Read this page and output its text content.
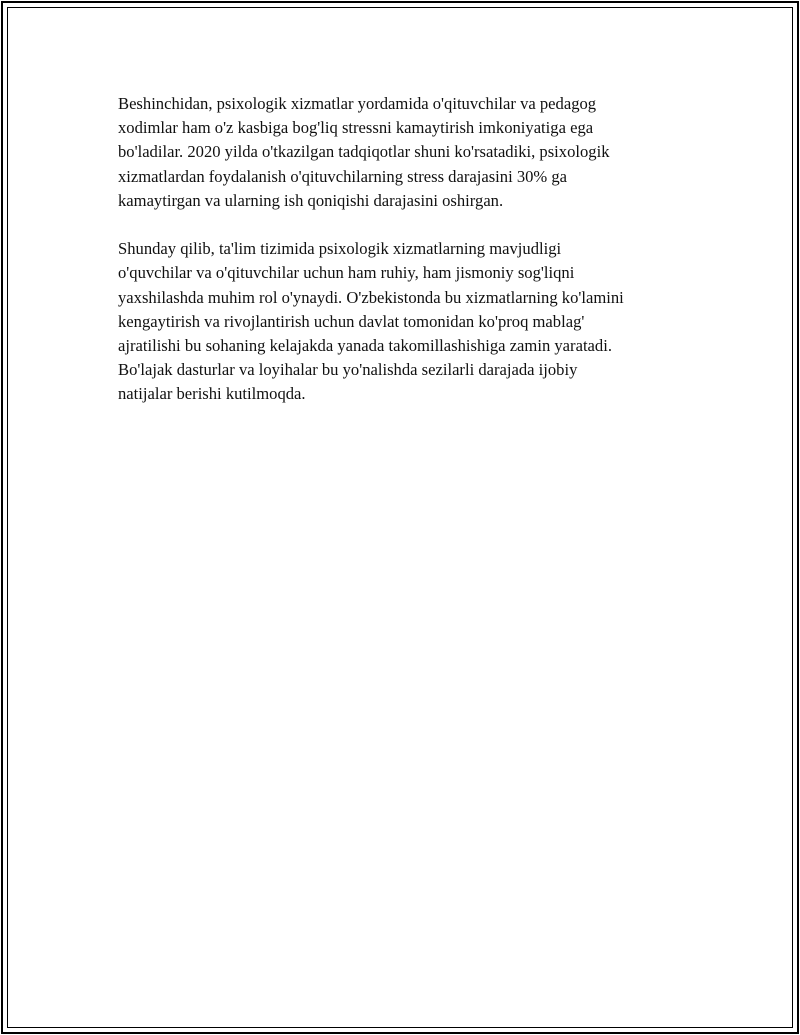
Beshinchidan, psixologik xizmatlar yordamida o'qituvchilar va pedagog
xodimlar ham o'z kasbiga bog'liq stressni kamaytirish imkoniyatiga ega
bo'ladilar. 2020 yilda o'tkazilgan tadqiqotlar shuni ko'rsatadiki, psixologik
xizmatlardan foydalanish o'qituvchilarning stress darajasini 30% ga
kamaytirgan va ularning ish qoniqishi darajasini oshirgan.

Shunday qilib, ta'lim tizimida psixologik xizmatlarning mavjudligi
o'quvchilar va o'qituvchilar uchun ham ruhiy, ham jismoniy sog'liqni
yaxshilashda muhim rol o'ynaydi. O'zbekistonda bu xizmatlarning ko'lamini
kengaytirish va rivojlantirish uchun davlat tomonidan ko'proq mablag'
ajratilishi bu sohaning kelajakda yanada takomillashishiga zamin yaratadi.
Bo'lajak dasturlar va loyihalar bu yo'nalishda sezilarli darajada ijobiy
natijalar berishi kutilmoqda.
